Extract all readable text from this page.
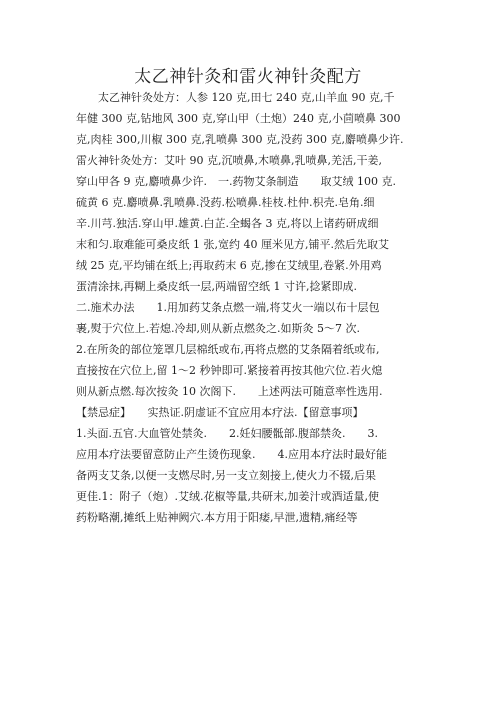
太乙神针灸和雷火神针灸配方
　　太乙神针灸处方：人参 120 克,田七 240 克,山羊血 90 克,千
年健 300 克,钻地风 300 克,穿山甲（土炮）240 克,小茴喷鼻 300
克,肉桂 300,川椒 300 克,乳喷鼻 300 克,没药 300 克,麝喷鼻少许.
雷火神针灸处方：艾叶 90 克,沉喷鼻,木喷鼻,乳喷鼻,羌活,干姜,
穿山甲各 9 克,麝喷鼻少许.　一.药物艾条制造　　取艾绒 100 克.
硫黄 6 克.麝喷鼻.乳喷鼻.没药.松喷鼻.桂枝.杜仲.枳壳.皂角.细
辛.川芎.独活.穿山甲.雄黄.白芷.全蝎各 3 克,将以上诸药研成细
末和匀.取难能可桑皮纸 1 张,宽约 40 厘米见方,铺平.然后先取艾
绒 25 克,平均铺在纸上;再取药末 6 克,掺在艾绒里,卷紧.外用鸡
蛋清涂抹,再糊上桑皮纸一层,两端留空纸 1 寸许,捻紧即成.
二.施术办法　　1.用加药艾条点燃一端,将艾火一端以布十层包
裹,熨于穴位上.若熄.冷却,则从新点燃灸之.如斯灸 5～7 次.
2.在所灸的部位笼罩几层棉纸或布,再将点燃的艾条隔着纸或布,
直接按在穴位上,留 1～2 秒钟即可.紧接着再按其他穴位.若火熄
则从新点燃.每次按灸 10 次阁下.　　上述两法可随意率性选用.
【禁忌症】　　实热证.阴虚证不宜应用本疗法.【留意事项】
1.头面.五官.大血管处禁灸.　　2.妊妇腰骶部.腹部禁灸.　　3.
应用本疗法要留意防止产生烫伤现象.　　4.应用本疗法时最好能
备两支艾条,以便一支燃尽时,另一支立刻接上,使火力不辍,后果
更佳.1：附子（炮）.艾绒.花椒等量,共研末,加姜汁或酒适量,使
药粉略潮,摊纸上贴神阙穴.本方用于阳痿,早泄,遗精,痛经等
